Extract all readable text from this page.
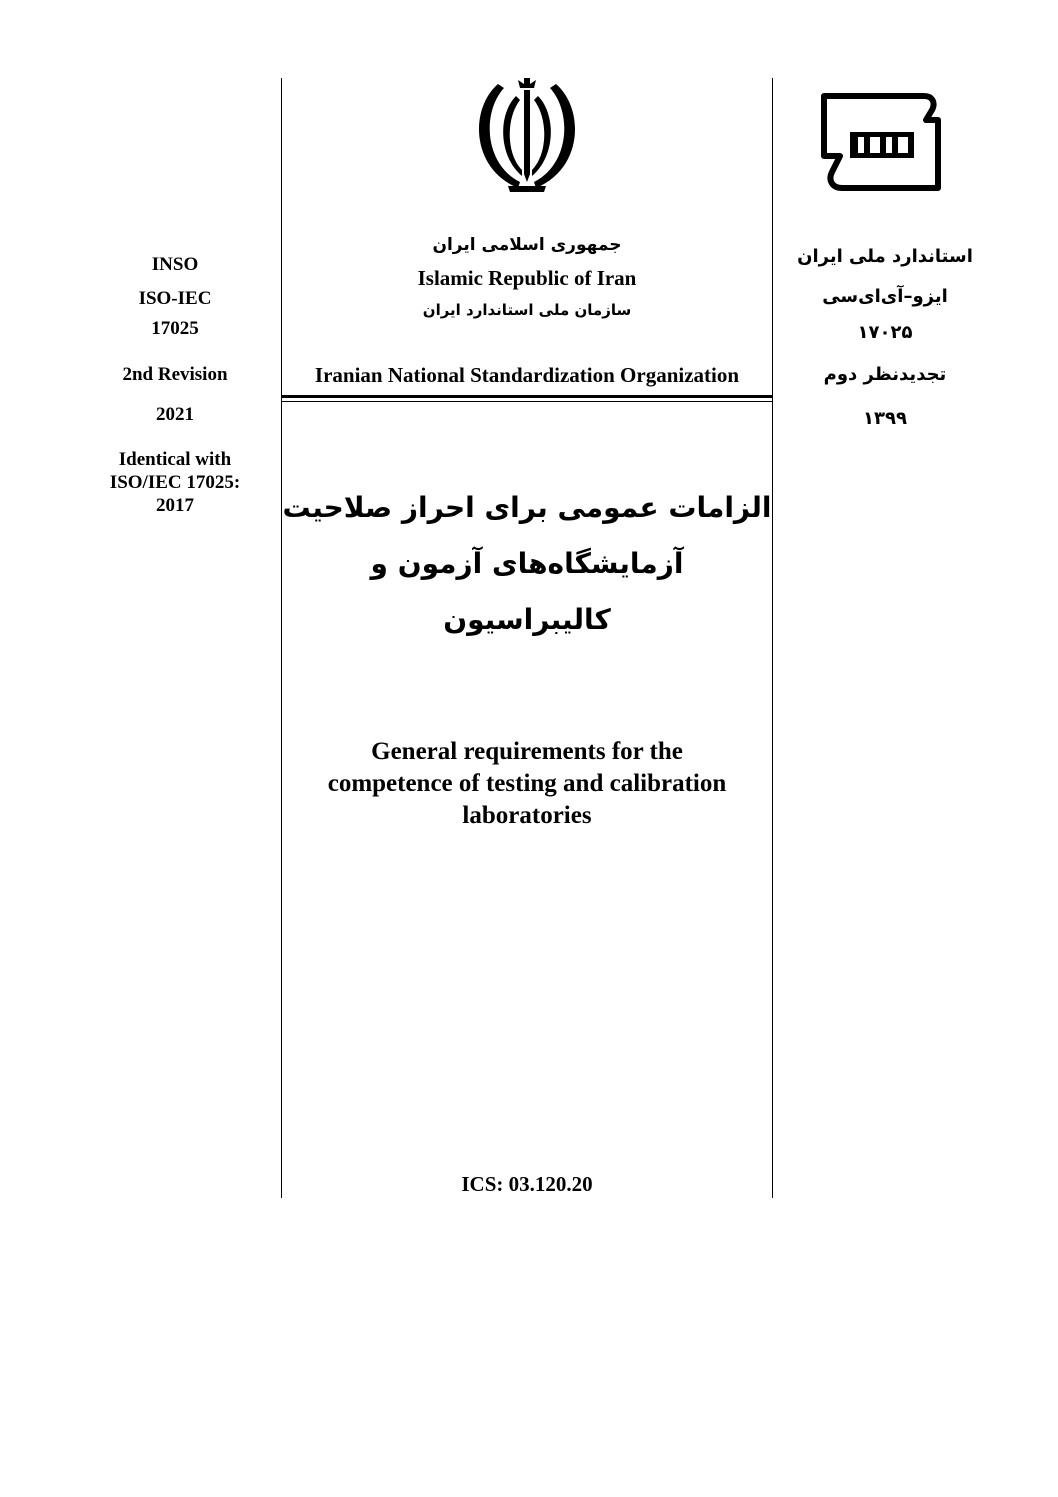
INSO
ISO-IEC
17025
2nd Revision
2021
Identical with
ISO/IEC 17025:
2017
جمهوری اسلامی ایران
Islamic Republic of Iran
سازمان ملی استاندارد ایران
Iranian National Standardization Organization
الزامات عمومی برای احراز صلاحیت
آزمایشگاه‌های آزمون و کالیبراسیون
General requirements for the
competence of testing and calibration
laboratories
ICS: 03.120.20
استاندارد ملی ایران
ایزو–آی‌ای‌سی
۱۷۰۲۵
تجدیدنظر دوم
۱۳۹۹
